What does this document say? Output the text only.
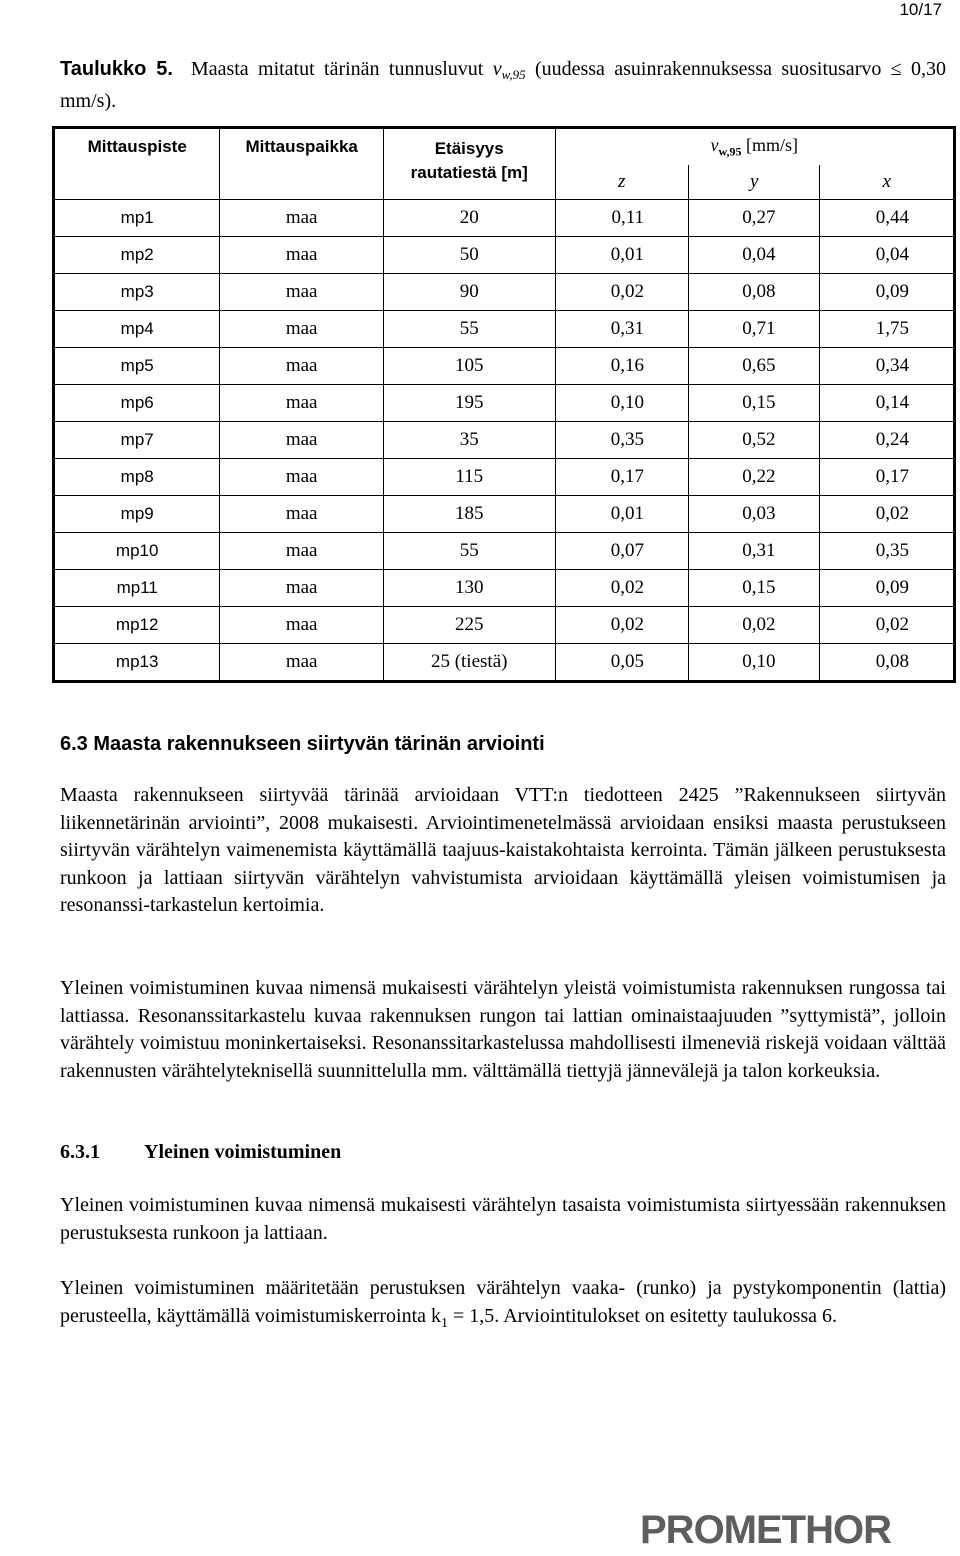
10/17
Taulukko 5. Maasta mitatut tärinän tunnusluvut $v_{w,95}$ (uudessa asuinrakennuksessa suositusarvo ≤ 0,30 mm/s).
Mittauspiste	Mittauspaikka	Etäisyys rautatiestä [m]	$v_{w,95}$ [mm/s]		
			z	y	x
mp1	maa	20	0,11	0,27	0,44
mp2	maa	50	0,01	0,04	0,04
mp3	maa	90	0,02	0,08	0,09
mp4	maa	55	0,31	0,71	1,75
mp5	maa	105	0,16	0,65	0,34
mp6	maa	195	0,10	0,15	0,14
mp7	maa	35	0,35	0,52	0,24
mp8	maa	115	0,17	0,22	0,17
mp9	maa	185	0,01	0,03	0,02
mp10	maa	55	0,07	0,31	0,35
mp11	maa	130	0,02	0,15	0,09
mp12	maa	225	0,02	0,02	0,02
mp13	maa	25 (tiestä)	0,05	0,10	0,08
6.3 Maasta rakennukseen siirtyvän tärinän arviointi

Maasta rakennukseen siirtyvää tärinää arvioidaan VTT:n tiedotteen 2425 ”Rakennukseen siirtyvän liikennetärinän arviointi”, 2008 mukaisesti. Arviointimenetelmässä arvioidaan ensiksi maasta perustukseen siirtyvän värähtelyn vaimenemista käyttämällä taajuus-kaistakohtaista kerrointa. Tämän jälkeen perustuksesta runkoon ja lattiaan siirtyvän värähtelyn vahvistumista arvioidaan käyttämällä yleisen voimistumisen ja resonanssi-tarkastelun kertoimia.

Yleinen voimistuminen kuvaa nimensä mukaisesti värähtelyn yleistä voimistumista rakennuksen rungossa tai lattiassa. Resonanssitarkastelu kuvaa rakennuksen rungon tai lattian ominaistaajuuden ”syttymistä”, jolloin värähtely voimistuu moninkertaiseksi. Resonanssitarkastelussa mahdollisesti ilmeneviä riskejä voidaan välttää rakennusten värähtelyteknisellä suunnittelulla mm. välttämällä tiettyjä jännevälejä ja talon korkeuksia.

6.3.1 Yleinen voimistuminen

Yleinen voimistuminen kuvaa nimensä mukaisesti värähtelyn tasaista voimistumista siirtyessään rakennuksen perustuksesta runkoon ja lattiaan.

Yleinen voimistuminen määritetään perustuksen värähtelyn vaaka- (runko) ja pystykomponentin (lattia) perusteella, käyttämällä voimistumiskerrointa $k_1 = 1,5$. Arviointitulokset on esitetty taulukossa 6.

PROMETHOR
